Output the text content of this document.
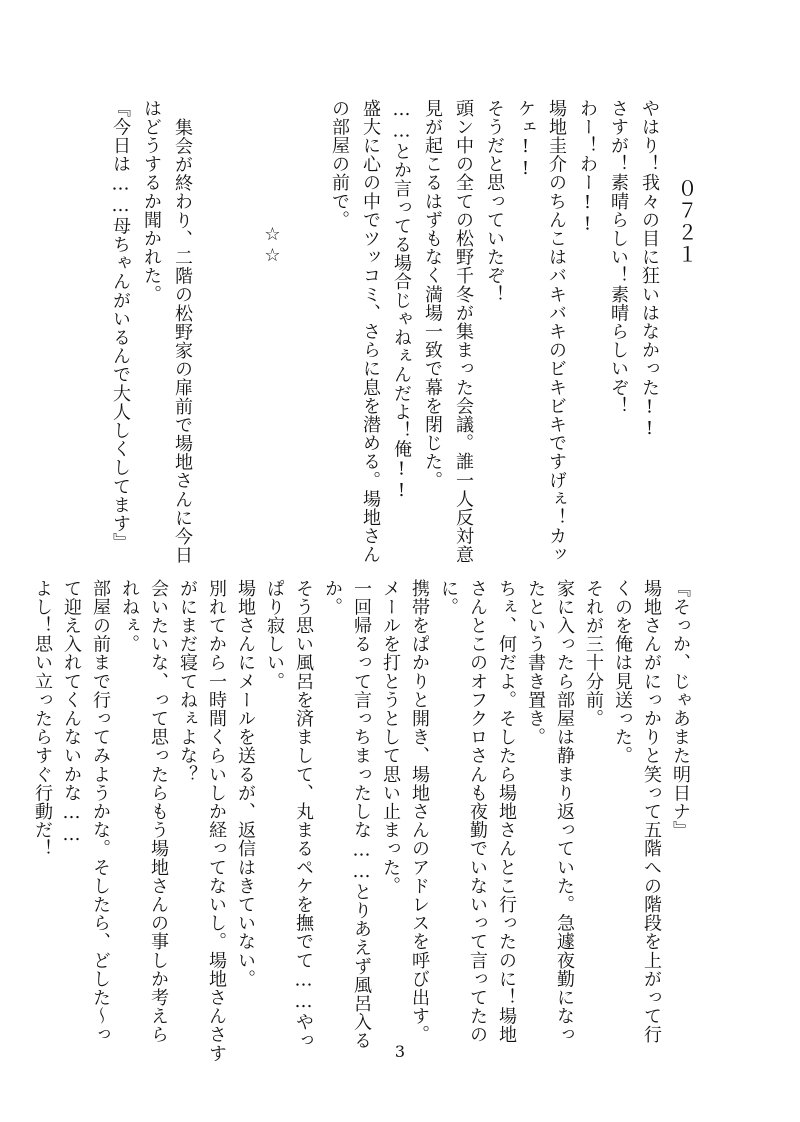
０７２１
やはり！我々の目に狂いはなかった!!
さすが！素晴らしい！素晴らしいぞ！
わー！わー!!
場地圭介のちんこはバキバキのビキビキですげぇ！カッ
ケェ!!
そうだと思っていたぞ！
頭ン中の全ての松野千冬が集まった会議。誰一人反対意
見が起こるはずもなく満場一致で幕を閉じた。
……とか言ってる場合じゃねぇんだよ！俺!!
盛大に心の中でツッコミ、さらに息を潜める。場地さん
の部屋の前で。
☆☆
集会が終わり、二階の松野家の扉前で場地さんに今日
はどうするか聞かれた。
『今日は……母ちゃんがいるんで大人しくしてます』
『そっか、じゃあまた明日ナ』
場地さんがにっかりと笑って五階への階段を上がって行
くのを俺は見送った。
それが三十分前。
家に入ったら部屋は静まり返っていた。急遽夜勤になっ
たという書き置き。
ちぇ、何だよ。そしたら場地さんとこ行ったのに！場地
さんとこのオフクロさんも夜勤でいないって言ってたの
に。
携帯をぱかりと開き、場地さんのアドレスを呼び出す。
メールを打とうとして思い止まった。
一回帰るって言っちまったしな……とりあえず風呂入る
か。
そう思い風呂を済まして、丸まるペケを撫でて……やっ
ぱり寂しい。
場地さんにメールを送るが、返信はきていない。
別れてから一時間くらいしか経ってないし。場地さんさす
がにまだ寝てねぇよな？
会いたいな、って思ったらもう場地さんの事しか考えら
れねぇ。
部屋の前まで行ってみようかな。そしたら、どした〜っ
て迎え入れてくんないかな……
よし！思い立ったらすぐ行動だ！
3
